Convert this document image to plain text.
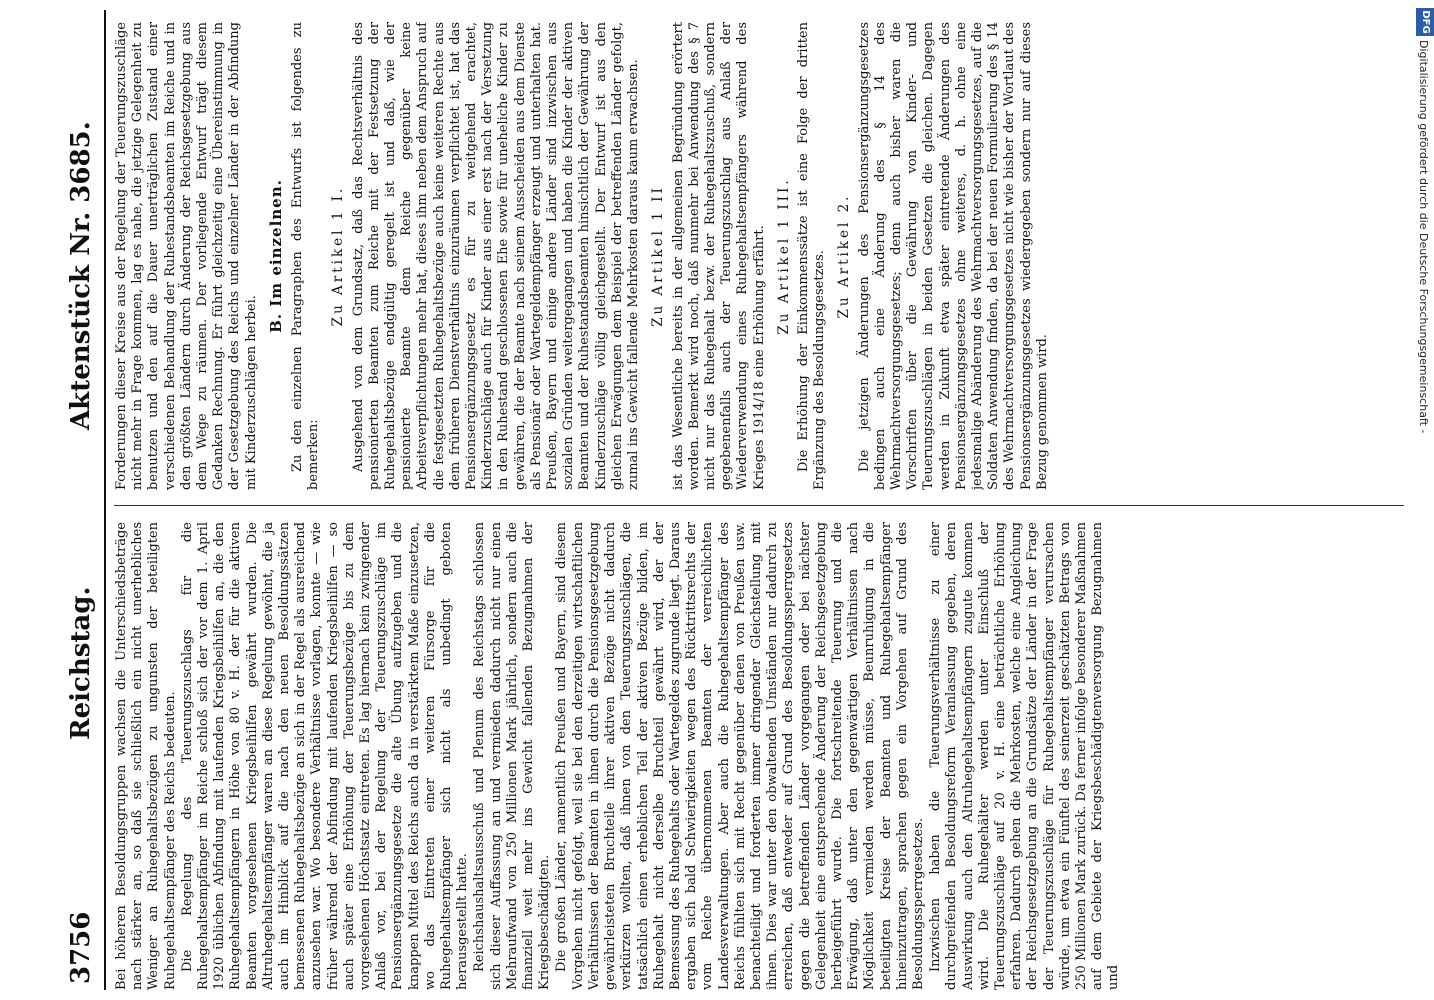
3756
Reichstag.
Aktenstück Nr. 3685.

Bei höheren Besoldungsgruppen wachsen die Unterschiedsbeträge nach stärker an, so daß sie schließlich ein nicht unerhebliches Weniger an Ruhegehaltsbezügen zu ungunsten der beteiligten Ruhegehaltsempfänger des Reichs bedeuten. Die Regelung des Teuerungszuschlags für die Ruhegehaltsempfänger im Reiche schloß sich der vor dem 1. April 1920 üblichen Abfindung mit laufenden Kriegsbeihilfen an, die den Ruhegehaltsempfängern in Höhe von 80 v. H. der für die aktiven Beamten vorgesehenen Kriegsbeihilfen gewährt wurden. Die Altruhegehaltsempfänger waren an diese Regelung gewöhnt, die ja auch im Hinblick auf die nach den neuen Besoldungssätzen bemessenen Ruhegehaltsbezüge an sich in der Regel als ausreichend anzusehen war. Wo besondere Verhältnisse vorlagen, konnte — wie früher während der Abfindung mit laufenden Kriegsbeihilfen — so auch später eine Erhöhung der Teuerungsbezüge bis zu dem vorgesehenen Höchstsatz eintreten. Es lag hiernach kein zwingender Anlaß vor, bei der Regelung der Teuerungszuschläge im Pensionsergänzungsgesetze die alte Übung aufzugeben und die knappen Mittel des Reichs auch da in verstärktem Maße einzusetzen, wo das Eintreten einer weiteren Fürsorge für die Ruhegehaltsempfänger sich nicht als unbedingt geboten herausgestellt hatte. Reichshaushaltsausschuß und Plenum des Reichstags schlossen sich dieser Auffassung an und vermieden dadurch nicht nur einen Mehraufwand von 250 Millionen Mark jährlich, sondern auch die finanziell weit mehr ins Gewicht fallenden Bezugnahmen der Kriegsbeschädigten. Die großen Länder, namentlich Preußen und Bayern, sind diesem Vorgehen nicht gefolgt, weil sie bei den derzeitigen wirtschaftlichen Verhältnissen der Beamten in ihnen durch die Pensionsgesetzgebung gewährleisteten Bruchteile ihrer aktiven Bezüge nicht dadurch verkürzen wollten, daß ihnen von den Teuerungszuschlägen, die tatsächlich einen erheblichen Teil der aktiven Bezüge bilden, im Ruhegehalt nicht derselbe Bruchteil gewährt wird, der der Bemessung des Ruhegehalts oder Wartegeldes zugrunde liegt. Daraus ergaben sich bald Schwierigkeiten wegen des Rücktrittsrechts der vom Reiche übernommenen Beamten der verreichlichten Landesverwaltungen. Aber auch die Ruhegehaltsempfänger des Reichs fühlten sich mit Recht gegenüber denen von Preußen usw. benachteiligt und forderten immer dringender Gleichstellung mit ihnen. Dies war unter den obwaltenden Umständen nur dadurch zu erreichen, daß entweder auf Grund des Besoldungssperrgesetzes gegen die betreffenden Länder vorgegangen oder bei nächster Gelegenheit eine entsprechende Änderung der Reichsgesetzgebung herbeigeführt wurde. Die fortschreitende Teuerung und die Erwägung, daß unter den gegenwärtigen Verhältnissen nach Möglichkeit vermieden werden müsse, Beunruhigung in die beteiligten Kreise der Beamten und Ruhegehaltsempfänger hineinzutragen, sprachen gegen ein Vorgehen auf Grund des Besoldungssperrgesetzes. Inzwischen haben die Teuerungsverhältnisse zu einer durchgreifenden Besoldungsreform Veranlassung gegeben, deren Auswirkung auch den Altruhegehaltsempfängern zugute kommen wird. Die Ruhegehälter werden unter Einschluß der Teuerungszuschläge auf 20 v. H. eine beträchtliche Erhöhung erfahren. Dadurch gehen die Mehrkosten, welche eine Angleichung der Reichsgesetzgebung an die Grundsätze der Länder in der Frage der Teuerungszuschläge für Ruhegehaltsempfänger verursachen würde, um etwa ein Fünftel des seinerzeit geschätzten Betrags von 250 Millionen Mark zurück. Da ferner infolge besonderer Maßnahmen auf dem Gebiete der Kriegsbeschädigtenversorgung Bezugnahmen und

Forderungen dieser Kreise aus der Regelung der Teuerungszuschläge nicht mehr in Frage kommen, lag es nahe, die jetzige Gelegenheit zu benutzen und den auf die Dauer unerträglichen Zustand einer verschiedenen Behandlung der Ruhestandsbeamten im Reiche und in den größten Ländern durch Änderung der Reichsgesetzgebung aus dem Wege zu räumen. Der vorliegende Entwurf trägt diesem Gedanken Rechnung. Er führt gleichzeitig eine Übereinstimmung in der Gesetzgebung des Reichs und einzelner Länder in der Abfindung mit Kinderzuschlägen herbei.

B. Im einzelnen. Zu den einzelnen Paragraphen des Entwurfs ist folgendes zu bemerken:

Zu Artikel 1 I. Ausgehend von dem Grundsatz, daß das Rechtsverhältnis des pensionierten Beamten zum Reiche mit der Festsetzung der Ruhegehaltsbezüge endgültig geregelt ist und daß, wie der pensionierte Beamte dem Reiche gegenüber keine Arbeitsverpflichtungen mehr hat, dieses ihm neben dem Anspruch auf die festgesetzten Ruhegehaltsbezüge auch keine weiteren Rechte aus dem früheren Dienstverhältnis einzuräumen verpflichtet ist, hat das Pensionsergänzungsgesetz es für zu weitgehend erachtet, Kinderzuschläge auch für Kinder aus einer erst nach der Versetzung in den Ruhestand geschlossenen Ehe sowie für uneheliche Kinder zu gewähren, die der Beamte nach seinem Ausscheiden aus dem Dienste als Pensionär oder Wartegeldempfänger erzeugt und unterhalten hat. Preußen, Bayern und einige andere Länder sind inzwischen aus sozialen Gründen weitergegangen und haben die Kinder der aktiven Beamten und der Ruhestandsbeamten hinsichtlich der Gewährung der Kinderzuschläge völlig gleichgestellt. Der Entwurf ist aus den gleichen Erwägungen dem Beispiel der betreffenden Länder gefolgt, zumal ins Gewicht fallende Mehrkosten daraus kaum erwachsen. Zu Artikel 1 II ist das Wesentliche bereits in der allgemeinen Begründung erörtert worden. Bemerkt wird noch, daß nunmehr bei Anwendung des § 7 nicht nur das Ruhegehalt bezw. der Ruhegehaltszuschuß, sondern gegebenenfalls auch der Teuerungszuschlag aus Anlaß der Wiederverwendung eines Ruhegehaltsempfängers während des Krieges 1914/18 eine Erhöhung erfährt. Zu Artikel 1 III. Die Erhöhung der Einkommenssätze ist eine Folge der dritten Ergänzung des Besoldungsgesetzes. Zu Artikel 2. Die jetzigen Änderungen des Pensionsergänzungsgesetzes bedingen auch eine Änderung des § 14 des Wehrmachtversorgungsgesetzes; denn auch bisher waren die Vorschriften über die Gewährung von Kinder- und Teuerungszuschlägen in beiden Gesetzen die gleichen. Dagegen werden in Zukunft etwa später eintretende Änderungen des Pensionsergänzungsgesetzes ohne weiteres, d. h. ohne eine jedesmalige Abänderung des Wehrmachtversorgungsgesetzes, auf die Soldaten Anwendung finden, da bei der neuen Formulierung des § 14 des Wehrmachtversorgungsgesetzes nicht wie bisher der Wortlaut des Pensionsergänzungsgesetzes wiedergegeben sondern nur auf dieses Bezug genommen wird.

DFG
Digitalisierung gefördert durch die Deutsche Forschungsgemeinschaft -
